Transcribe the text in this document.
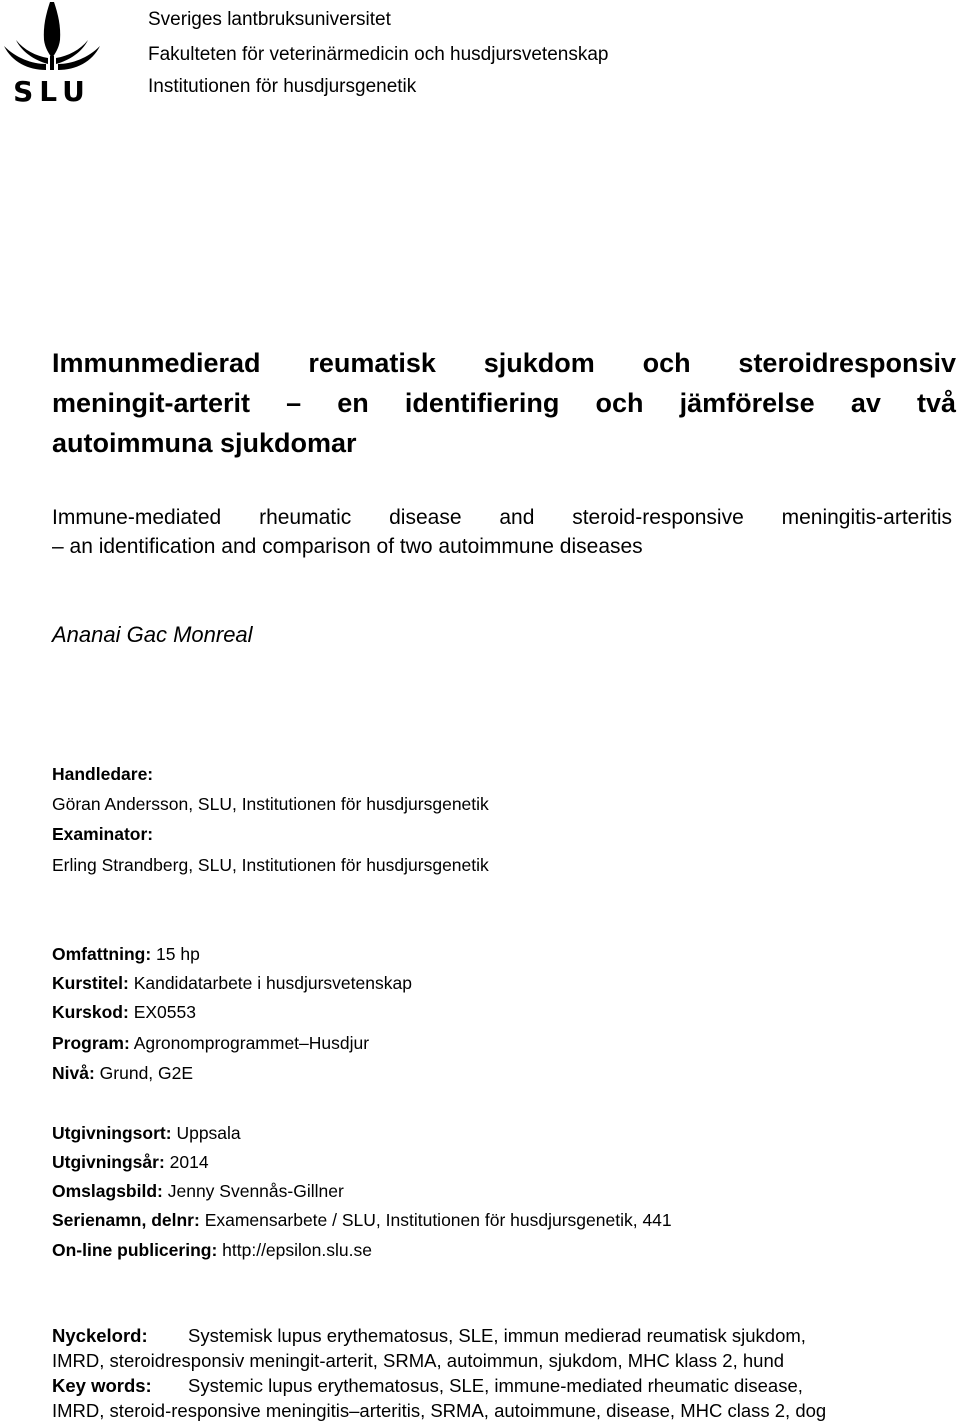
SLU
Sveriges lantbruksuniversitet
Fakulteten för veterinärmedicin och husdjursvetenskap
Institutionen för husdjursgenetik
Immunmedierad reumatisk sjukdom och steroidresponsiv
meningit-arterit – en identifiering och jämförelse av två
autoimmuna sjukdomar
Immune-mediated rheumatic disease and steroid-responsive meningitis-arteritis
– an identification and comparison of two autoimmune diseases
Ananai Gac Monreal
Handledare:
Göran Andersson, SLU, Institutionen för husdjursgenetik
Examinator:
Erling Strandberg, SLU, Institutionen för husdjursgenetik
Omfattning: 15 hp
Kurstitel: Kandidatarbete i husdjursvetenskap
Kurskod: EX0553
Program: Agronomprogrammet–Husdjur
Nivå: Grund, G2E
Utgivningsort: Uppsala
Utgivningsår: 2014
Omslagsbild: Jenny Svennås-Gillner
Serienamn, delnr: Examensarbete / SLU, Institutionen för husdjursgenetik, 441
On-line publicering: http://epsilon.slu.se
Nyckelord: Systemisk lupus erythematosus, SLE, immun medierad reumatisk sjukdom,
IMRD, steroidresponsiv meningit-arterit, SRMA, autoimmun, sjukdom, MHC klass 2, hund
Key words: Systemic lupus erythematosus, SLE, immune-mediated rheumatic disease,
IMRD, steroid-responsive meningitis–arteritis, SRMA, autoimmune, disease, MHC class 2, dog
